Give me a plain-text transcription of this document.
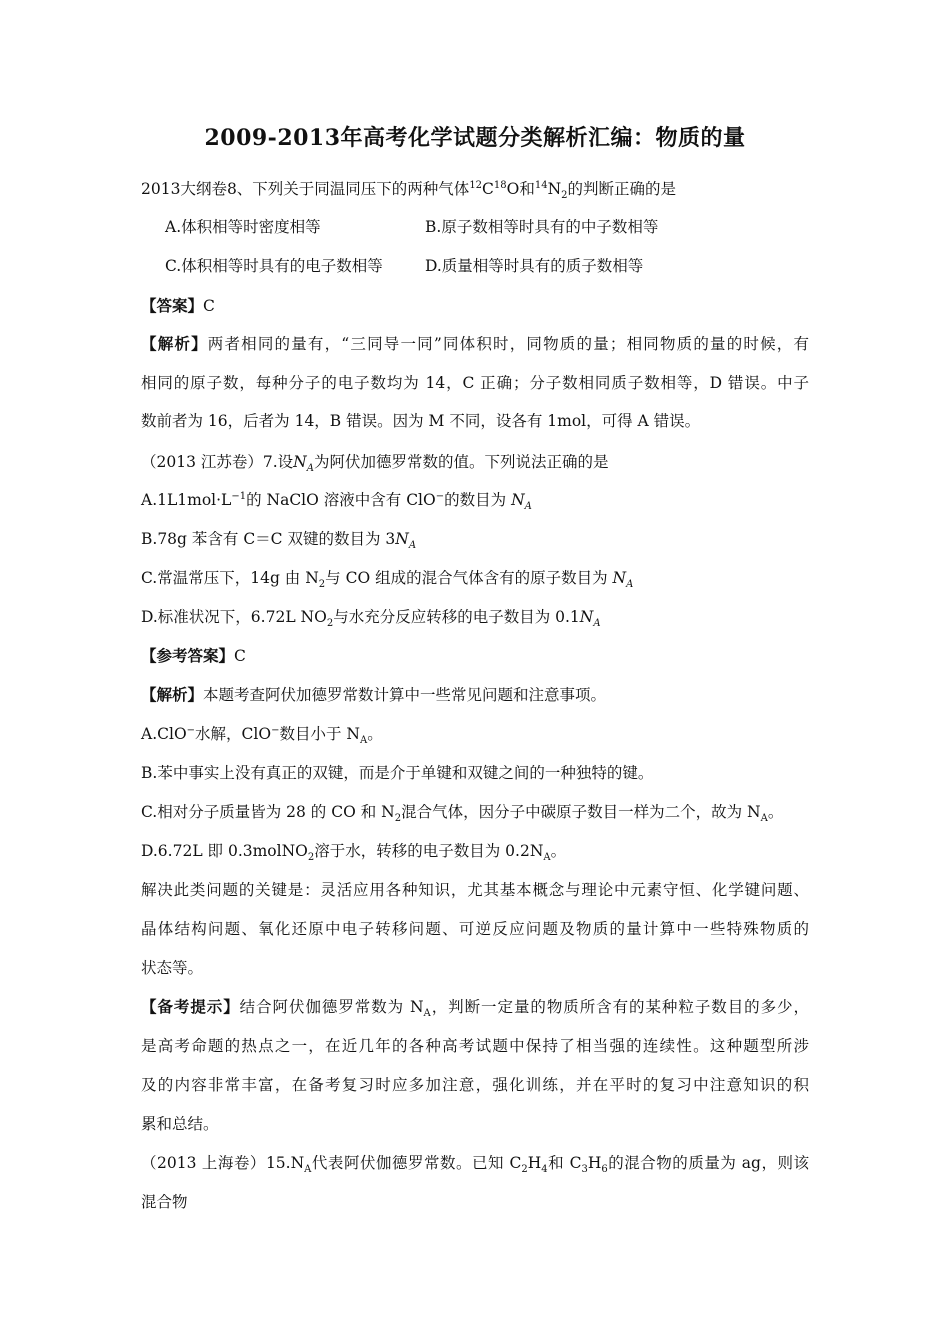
2009-2013年高考化学试题分类解析汇编：物质的量
2013大纲卷8、下列关于同温同压下的两种气体$^{12}C^{18}O$和$^{14}N_2$的判断正确的是
A.体积相等时密度相等	B.原子数相等时具有的中子数相等
C.体积相等时具有的电子数相等	D.质量相等时具有的质子数相等
【答案】C
【解析】两者相同的量有，“三同导一同”同体积时，同物质的量；相同物质的量的时候，有
相同的原子数，每种分子的电子数均为 14，C 正确；分子数相同质子数相等，D 错误。中子
数前者为 16，后者为 14，B 错误。因为 M 不同，设各有 1mol，可得 A 错误。
（2013 江苏卷）7.设$N_A$为阿伏加德罗常数的值。下列说法正确的是
$A.1L1mol\cdot L^{-1}$的 NaClO 溶液中含有 ClO−的数目为 $N_A$
B.78g 苯含有 C＝C 双键的数目为 $3N_A$
C.常温常压下，14g 由 $N_2$与 CO 组成的混合气体含有的原子数目为 $N_A$
D.标准状况下，6.72L $NO_2$与水充分反应转移的电子数目为 $0.1N_A$
【参考答案】C
【解析】本题考查阿伏加德罗常数计算中一些常见问题和注意事项。
A.ClO−水解，ClO−数目小于 $N_A$。
B.苯中事实上没有真正的双键，而是介于单键和双键之间的一种独特的键。
C.相对分子质量皆为 28 的 CO 和 $N_2$混合气体，因分子中碳原子数目一样为二个，故为 $N_A$。
D.6.72L 即 0.3molNO$_2$溶于水，转移的电子数目为 $0.2N_A$。
解决此类问题的关键是：灵活应用各种知识，尤其基本概念与理论中元素守恒、化学键问题、
晶体结构问题、氧化还原中电子转移问题、可逆反应问题及物质的量计算中一些特殊物质的
状态等。
【备考提示】结合阿伏伽德罗常数为 $N_A$，判断一定量的物质所含有的某种粒子数目的多少，
是高考命题的热点之一，在近几年的各种高考试题中保持了相当强的连续性。这种题型所涉
及的内容非常丰富，在备考复习时应多加注意，强化训练，并在平时的复习中注意知识的积
累和总结。
（2013 上海卷）$15.N_A$代表阿伏伽德罗常数。已知 $C_2H_4$和 $C_3H_6$的混合物的质量为 ag，则该
混合物
